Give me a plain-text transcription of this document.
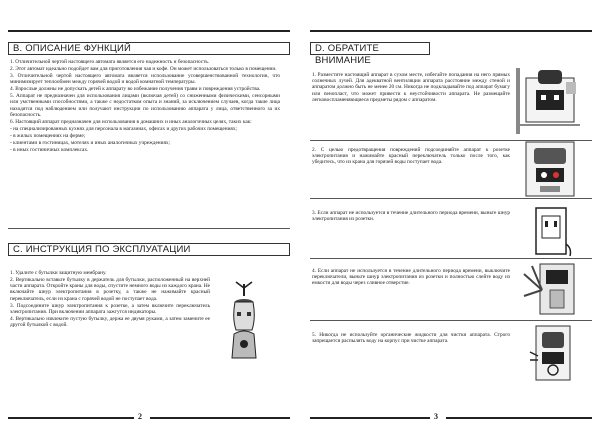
В. ОПИСАНИЕ ФУНКЦИЙ

1. Отличительной чертой настоящего автомата является его надежность и безопасность.

2. Этот автомат идеально подойдет вам для приготовления чая и кофе. Он может использоваться только в помещении.

3. Отличительной чертой настоящего автомата является использование усовершенствованной технологии, что минимизирует теплообмен между горячей водой и водой комнатной температуры.

4. Взрослые должны не допускать детей к аппарату во избежание получения травм и повреждения устройства.

5. Аппарат не предназначен для использования лицами (включая детей) со сниженными физическими, сенсорными или умственными способностями, а также с недостатком опыта и знаний, за исключением случаев, когда такие лица находятся под наблюдением или получают инструкции по использованию аппарата у лица, ответственного за их безопасность.

6. Настоящий аппарат предназначен для использования в домашних и иных аналогичных целях, таких как:

- на специализированных кухнях для персонала в магазинах, офисах и других рабочих помещениях;

- в жилых помещениях на ферме;

- клиентами в гостиницах, мотелях и иных аналогичных учреждениях;

- в иных гостиничных комплексах.

С. ИНСТРУКЦИЯ ПО ЭКСПЛУАТАЦИИ

1. Удалите с бутылки защитную мембрану.

2. Вертикально вставьте бутылку в держатель для бутылки, расположенный на верхней части аппарата. Откройте краны для воды, спустите немного воды из каждого крана. Не включайте шнур электропитания в розетку, а также не нажимайте красный переключатель, если из крана с горячей водой не поступает вода.

3. Подсоедините шнур электропитания к розетке, а затем включите переключатель электропитания. При включении аппарата зажгутся индикаторы.

4. Вертикально извлеките пустую бутылку, держа ее двумя руками, а затем замените ее другой бутылкой с водой.

2
D. ОБРАТИТЕ ВНИМАНИЕ

1. Разместите настоящий аппарат в сухом месте, избегайте попадания на него прямых солнечных лучей. Для адекватной вентиляции аппарата расстояние между стеной и аппаратом должно быть не менее 20 см. Никогда не подкладывайте под аппарат бумагу или пенопласт, что может привести к неустойчивости аппарата. Не размещайте легковоспламеняющиеся предметы рядом с аппаратом.

2. С целью предотвращения повреждений подсоединяйте аппарат к розетке электропитания и нажимайте красный переключатель только после того, как убедитесь, что из крана для горячей воды поступает вода.

3. Если аппарат не используется в течение длительного периода времени, выньте шнур электропитания из розетки.

4. Если аппарат не используется в течение длительного периода времени, выключите переключатели, выньте шнур электропитания из розетки и полностью слейте воду из емкости для воды через сливное отверстие.

5. Никогда не используйте органические жидкости для чистки аппарата. Строго запрещается распылять воду на корпус при чистке аппарата.

3
